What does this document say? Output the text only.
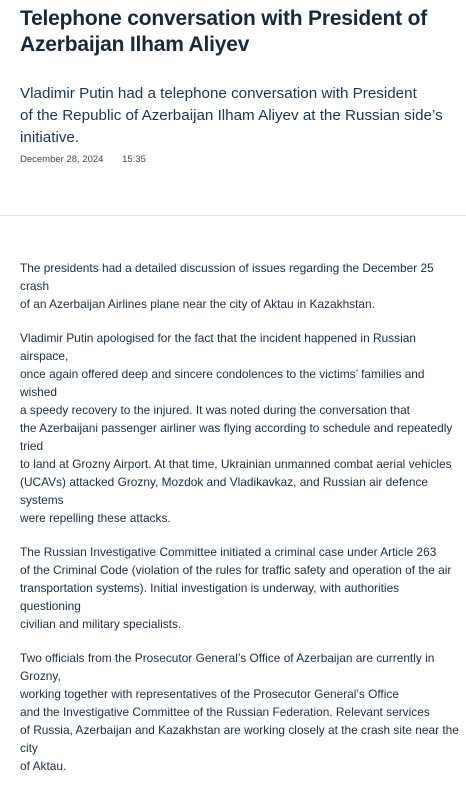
Telephone conversation with President of Azerbaijan Ilham Aliyev

Vladimir Putin had a telephone conversation with President
of the Republic of Azerbaijan Ilham Aliyev at the Russian side’s initiative.

December 28, 2024 15:35

The presidents had a detailed discussion of issues regarding the December 25 crash
of an Azerbaijan Airlines plane near the city of Aktau in Kazakhstan.

Vladimir Putin apologised for the fact that the incident happened in Russian airspace,
once again offered deep and sincere condolences to the victims’ families and wished
a speedy recovery to the injured. It was noted during the conversation that
the Azerbaijani passenger airliner was flying according to schedule and repeatedly tried
to land at Grozny Airport. At that time, Ukrainian unmanned combat aerial vehicles
(UCAVs) attacked Grozny, Mozdok and Vladikavkaz, and Russian air defence systems
were repelling these attacks.

The Russian Investigative Committee initiated a criminal case under Article 263
of the Criminal Code (violation of the rules for traffic safety and operation of the air
transportation systems). Initial investigation is underway, with authorities questioning
civilian and military specialists.

Two officials from the Prosecutor General’s Office of Azerbaijan are currently in Grozny,
working together with representatives of the Prosecutor General’s Office
and the Investigative Committee of the Russian Federation. Relevant services
of Russia, Azerbaijan and Kazakhstan are working closely at the crash site near the city
of Aktau.
